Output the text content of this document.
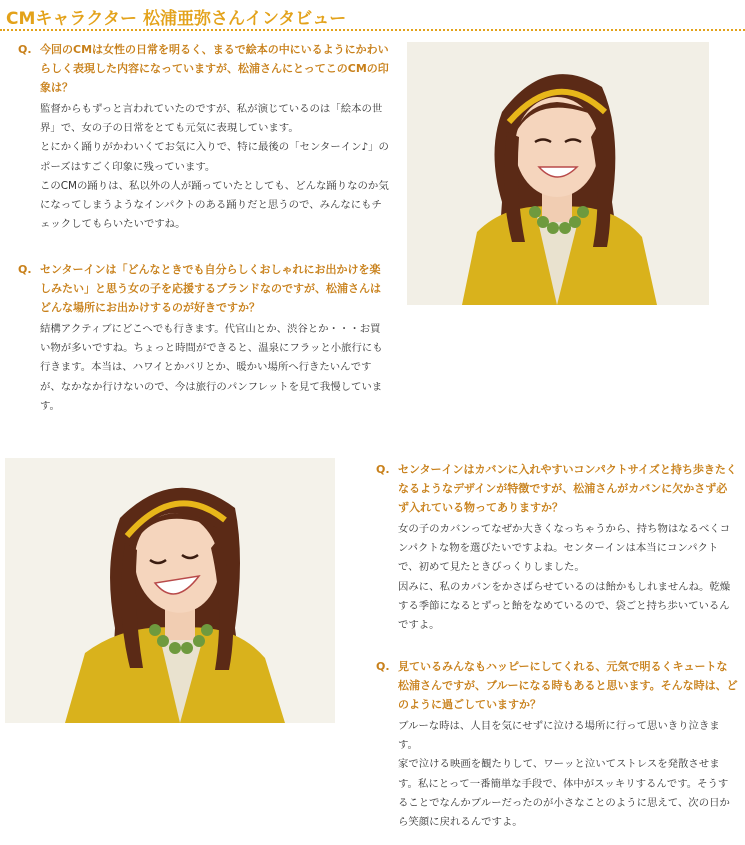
CMキャラクター 松浦亜弥さんインタビュー
Q. 今回のCMは女性の日常を明るく、まるで絵本の中にいるようにかわいらしく表現した内容になっていますが、松浦さんにとってこのCMの印象は？

監督からもずっと言われていたのですが、私が演じているのは「絵本の世界」で、女の子の日常をとても元気に表現しています。

とにかく踊りがかわいくてお気に入りで、特に最後の「センターイン♪」のポーズはすごく印象に残っています。

このCMの踊りは、私以外の人が踊っていたとしても、どんな踊りなのか気になってしまうようなインパクトのある踊りだと思うので、みんなにもチェックしてもらいたいですね。

Q. センターインは「どんなときでも自分らしくおしゃれにお出かけを楽しみたい」と思う女の子を応援するブランドなのですが、松浦さんはどんな場所にお出かけするのが好きですか？

結構アクティブにどこへでも行きます。代官山とか、渋谷とか・・・お買い物が多いですね。ちょっと時間ができると、温泉にフラッと小旅行にも行きます。本当は、ハワイとかバリとか、暖かい場所へ行きたいんですが、なかなか行けないので、今は旅行のパンフレットを見て我慢しています。

Q. センターインはカバンに入れやすいコンパクトサイズと持ち歩きたくなるようなデザインが特徴ですが、松浦さんがカバンに欠かさず必ず入れている物ってありますか？

女の子のカバンってなぜか大きくなっちゃうから、持ち物はなるべくコンパクトな物を選びたいですよね。センターインは本当にコンパクトで、初めて見たときびっくりしました。

因みに、私のカバンをかさばらせているのは飴かもしれませんね。乾燥する季節になるとずっと飴をなめているので、袋ごと持ち歩いているんですよ。

Q. 見ているみんなもハッピーにしてくれる、元気で明るくキュートな松浦さんですが、ブルーになる時もあると思います。そんな時は、どのように過ごしていますか？

ブルーな時は、人目を気にせずに泣ける場所に行って思いきり泣きます。

家で泣ける映画を観たりして、ワーッと泣いてストレスを発散させます。私にとって一番簡単な手段で、体中がスッキリするんです。そうすることでなんかブルーだったのが小さなことのように思えて、次の日から笑顔に戻れるんですよ。
